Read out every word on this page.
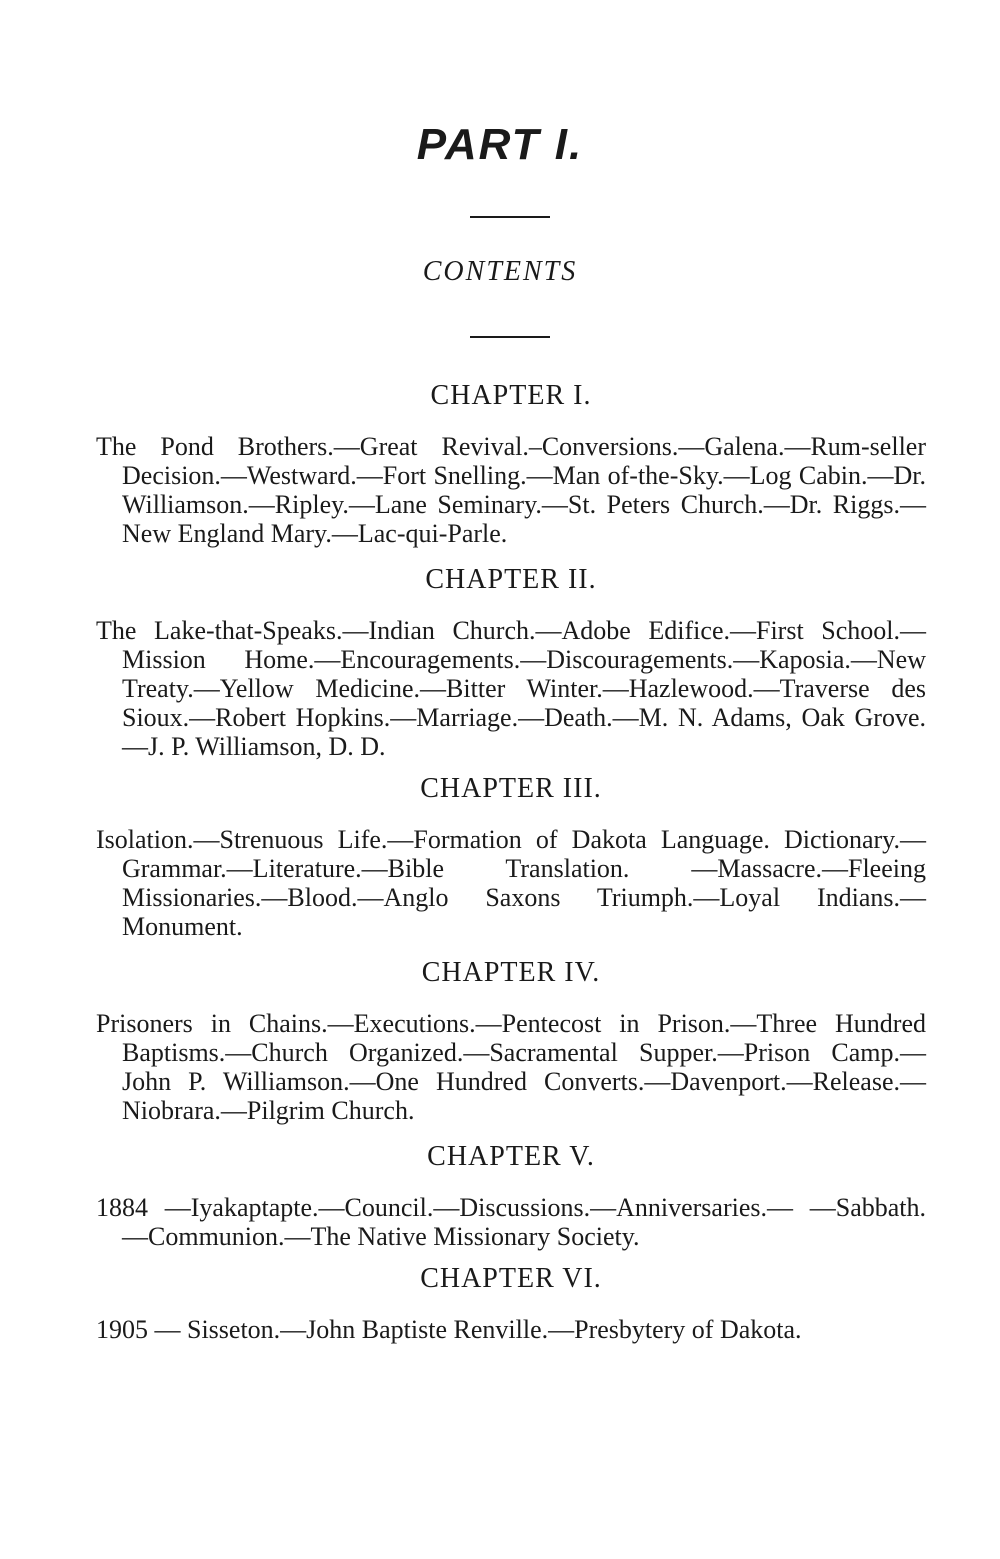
PART I.
CONTENTS
CHAPTER I.

The Pond Brothers.—Great Revival.–Conversions.—Galena.—Rum-seller Decision.—Westward.—Fort Snelling.—Man of-the-Sky.—Log Cabin.—Dr. Williamson.—Ripley.—Lane Seminary.—St. Peters Church.—Dr. Riggs.—New England Mary.—Lac-qui-Parle.

CHAPTER II.

The Lake-that-Speaks.—Indian Church.—Adobe Edifice.—First School.—Mission Home.—Encouragements.—Discouragements.—Kaposia.—New Treaty.—Yellow Medicine.—Bitter Winter.—Hazlewood.—Traverse des Sioux.—Robert Hopkins.—Marriage.—Death.—M. N. Adams, Oak Grove.—J. P. Williamson, D. D.

CHAPTER III.

Isolation.—Strenuous Life.—Formation of Dakota Language. Dictionary.—Grammar.—Literature.—Bible Translation. —Massacre.—Fleeing Missionaries.—Blood.—Anglo Saxons Triumph.—Loyal Indians.—Monument.

CHAPTER IV.

Prisoners in Chains.—Executions.—Pentecost in Prison.—Three Hundred Baptisms.—Church Organized.—Sacramental Supper.—Prison Camp.—John P. Williamson.—One Hundred Converts.—Davenport.—Release.—Niobrara.—Pilgrim Church.

CHAPTER V.

1884 —Iyakaptapte.—Council.—Discussions.—Anniversaries.— —Sabbath.—Communion.—The Native Missionary Society.

CHAPTER VI.

1905 — Sisseton.—John Baptiste Renville.—Presbytery of Dakota.
